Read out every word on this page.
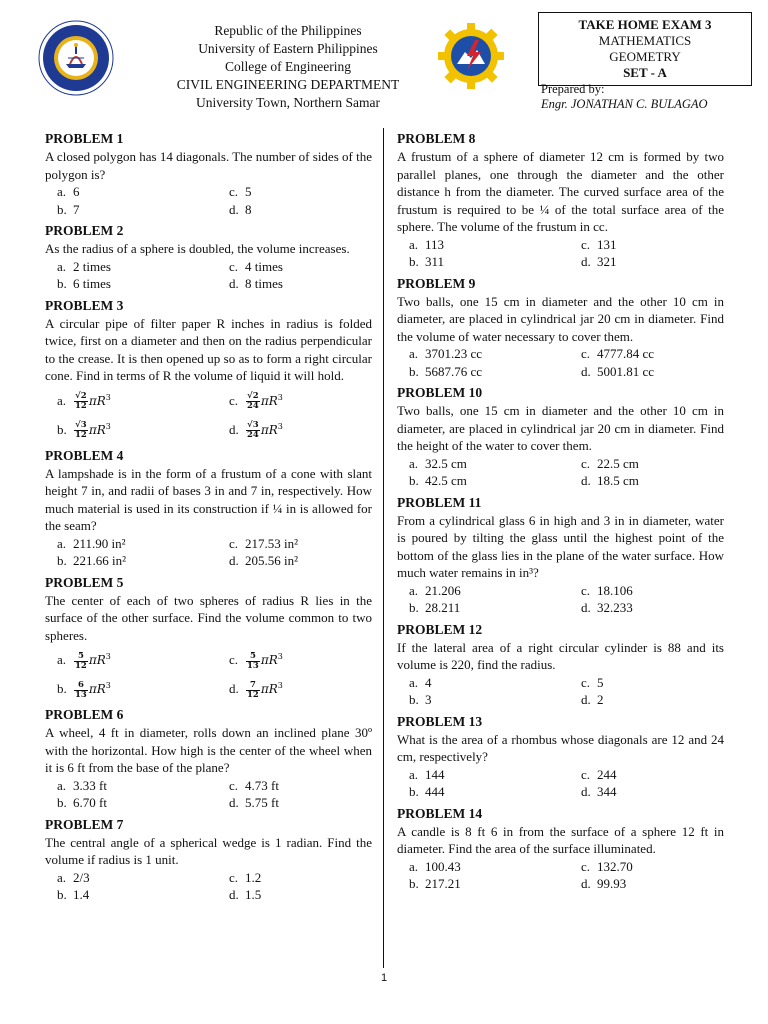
Republic of the Philippines
University of Eastern Philippines
College of Engineering
CIVIL ENGINEERING DEPARTMENT
University Town, Northern Samar
TAKE HOME EXAM 3
MATHEMATICS
GEOMETRY
SET - A
Prepared by:
Engr. JONATHAN C. BULAGAO
PROBLEM 1
A closed polygon has 14 diagonals. The number of sides of the polygon is?
a. 6	c. 5
b. 7	d. 8
PROBLEM 2
As the radius of a sphere is doubled, the volume increases.
a. 2 times	c. 4 times
b. 6 times	d. 8 times
PROBLEM 3
A circular pipe of filter paper R inches in radius is folded twice, first on a diameter and then on the radius perpendicular to the crease. It is then opened up so as to form a right circular cone. Find in terms of R the volume of liquid it will hold.
a. $\frac{√2}{12} \pi R^3$	c. $\frac{√2}{24} \pi R^3$
b. $\frac{√3}{12} \pi R^3$	d. $\frac{√3}{24} \pi R^3$
PROBLEM 4
A lampshade is in the form of a frustum of a cone with slant height 7 in, and radii of bases 3 in and 7 in, respectively. How much material is used in its construction if ¼ in is allowed for the seam?
a. 211.90 in²	c. 217.53 in²
b. 221.66 in²	d. 205.56 in²
PROBLEM 5
The center of each of two spheres of radius R lies in the surface of the other surface. Find the volume common to two spheres.
a. $\frac{5}{12} \pi R^3$	c. $\frac{5}{13} \pi R^3$
b. $\frac{6}{13} \pi R^3$	d. $\frac{7}{12} \pi R^3$
PROBLEM 6
A wheel, 4 ft in diameter, rolls down an inclined plane 30º with the horizontal. How high is the center of the wheel when it is 6 ft from the base of the plane?
a. 3.33 ft	c. 4.73 ft
b. 6.70 ft	d. 5.75 ft
PROBLEM 7
The central angle of a spherical wedge is 1 radian. Find the volume if radius is 1 unit.
a. 2/3	c. 1.2
b. 1.4	d. 1.5
PROBLEM 8
A frustum of a sphere of diameter 12 cm is formed by two parallel planes, one through the diameter and the other distance h from the diameter. The curved surface area of the frustum is required to be ¼ of the total surface area of the sphere. The volume of the frustum in cc.
a. 113	c. 131
b. 311	d. 321
PROBLEM 9
Two balls, one 15 cm in diameter and the other 10 cm in diameter, are placed in cylindrical jar 20 cm in diameter. Find the volume of water necessary to cover them.
a. 3701.23 cc	c. 4777.84 cc
b. 5687.76 cc	d. 5001.81 cc
PROBLEM 10
Two balls, one 15 cm in diameter and the other 10 cm in diameter, are placed in cylindrical jar 20 cm in diameter. Find the height of the water to cover them.
a. 32.5 cm	c. 22.5 cm
b. 42.5 cm	d. 18.5 cm
PROBLEM 11
From a cylindrical glass 6 in high and 3 in in diameter, water is poured by tilting the glass until the highest point of the bottom of the glass lies in the plane of the water surface. How much water remains in in³?
a. 21.206	c. 18.106
b. 28.211	d. 32.233
PROBLEM 12
If the lateral area of a right circular cylinder is 88 and its volume is 220, find the radius.
a. 4	c. 5
b. 3	d. 2
PROBLEM 13
What is the area of a rhombus whose diagonals are 12 and 24 cm, respectively?
a. 144	c. 244
b. 444	d. 344
PROBLEM 14
A candle is 8 ft 6 in from the surface of a sphere 12 ft in diameter. Find the area of the surface illuminated.
a. 100.43	c. 132.70
b. 217.21	d. 99.93
1
